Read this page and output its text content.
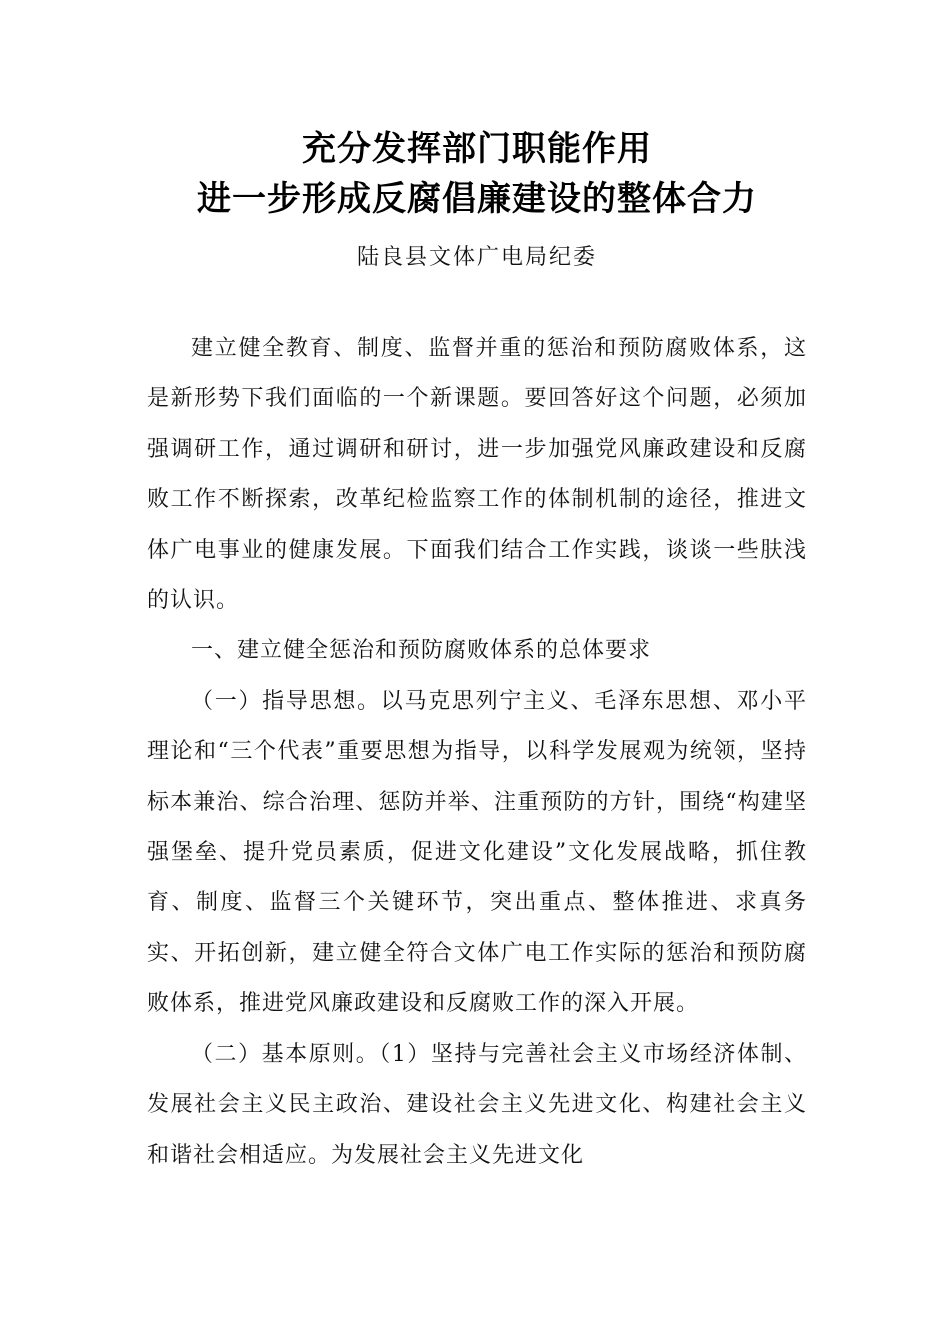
充分发挥部门职能作用
进一步形成反腐倡廉建设的整体合力
陆良县文体广电局纪委

建立健全教育、制度、监督并重的惩治和预防腐败体系，这是新形势下我们面临的一个新课题。要回答好这个问题，必须加强调研工作，通过调研和研讨，进一步加强党风廉政建设和反腐败工作不断探索，改革纪检监察工作的体制机制的途径，推进文体广电事业的健康发展。下面我们结合工作实践，谈谈一些肤浅的认识。

一、建立健全惩治和预防腐败体系的总体要求

（一）指导思想。以马克思列宁主义、毛泽东思想、邓小平理论和“三个代表”重要思想为指导，以科学发展观为统领，坚持标本兼治、综合治理、惩防并举、注重预防的方针，围绕“构建坚强堡垒、提升党员素质，促进文化建设”文化发展战略，抓住教育、制度、监督三个关键环节，突出重点、整体推进、求真务实、开拓创新，建立健全符合文体广电工作实际的惩治和预防腐败体系，推进党风廉政建设和反腐败工作的深入开展。

（二）基本原则。（1）坚持与完善社会主义市场经济体制、发展社会主义民主政治、建设社会主义先进文化、构建社会主义和谐社会相适应。为发展社会主义先进文化
